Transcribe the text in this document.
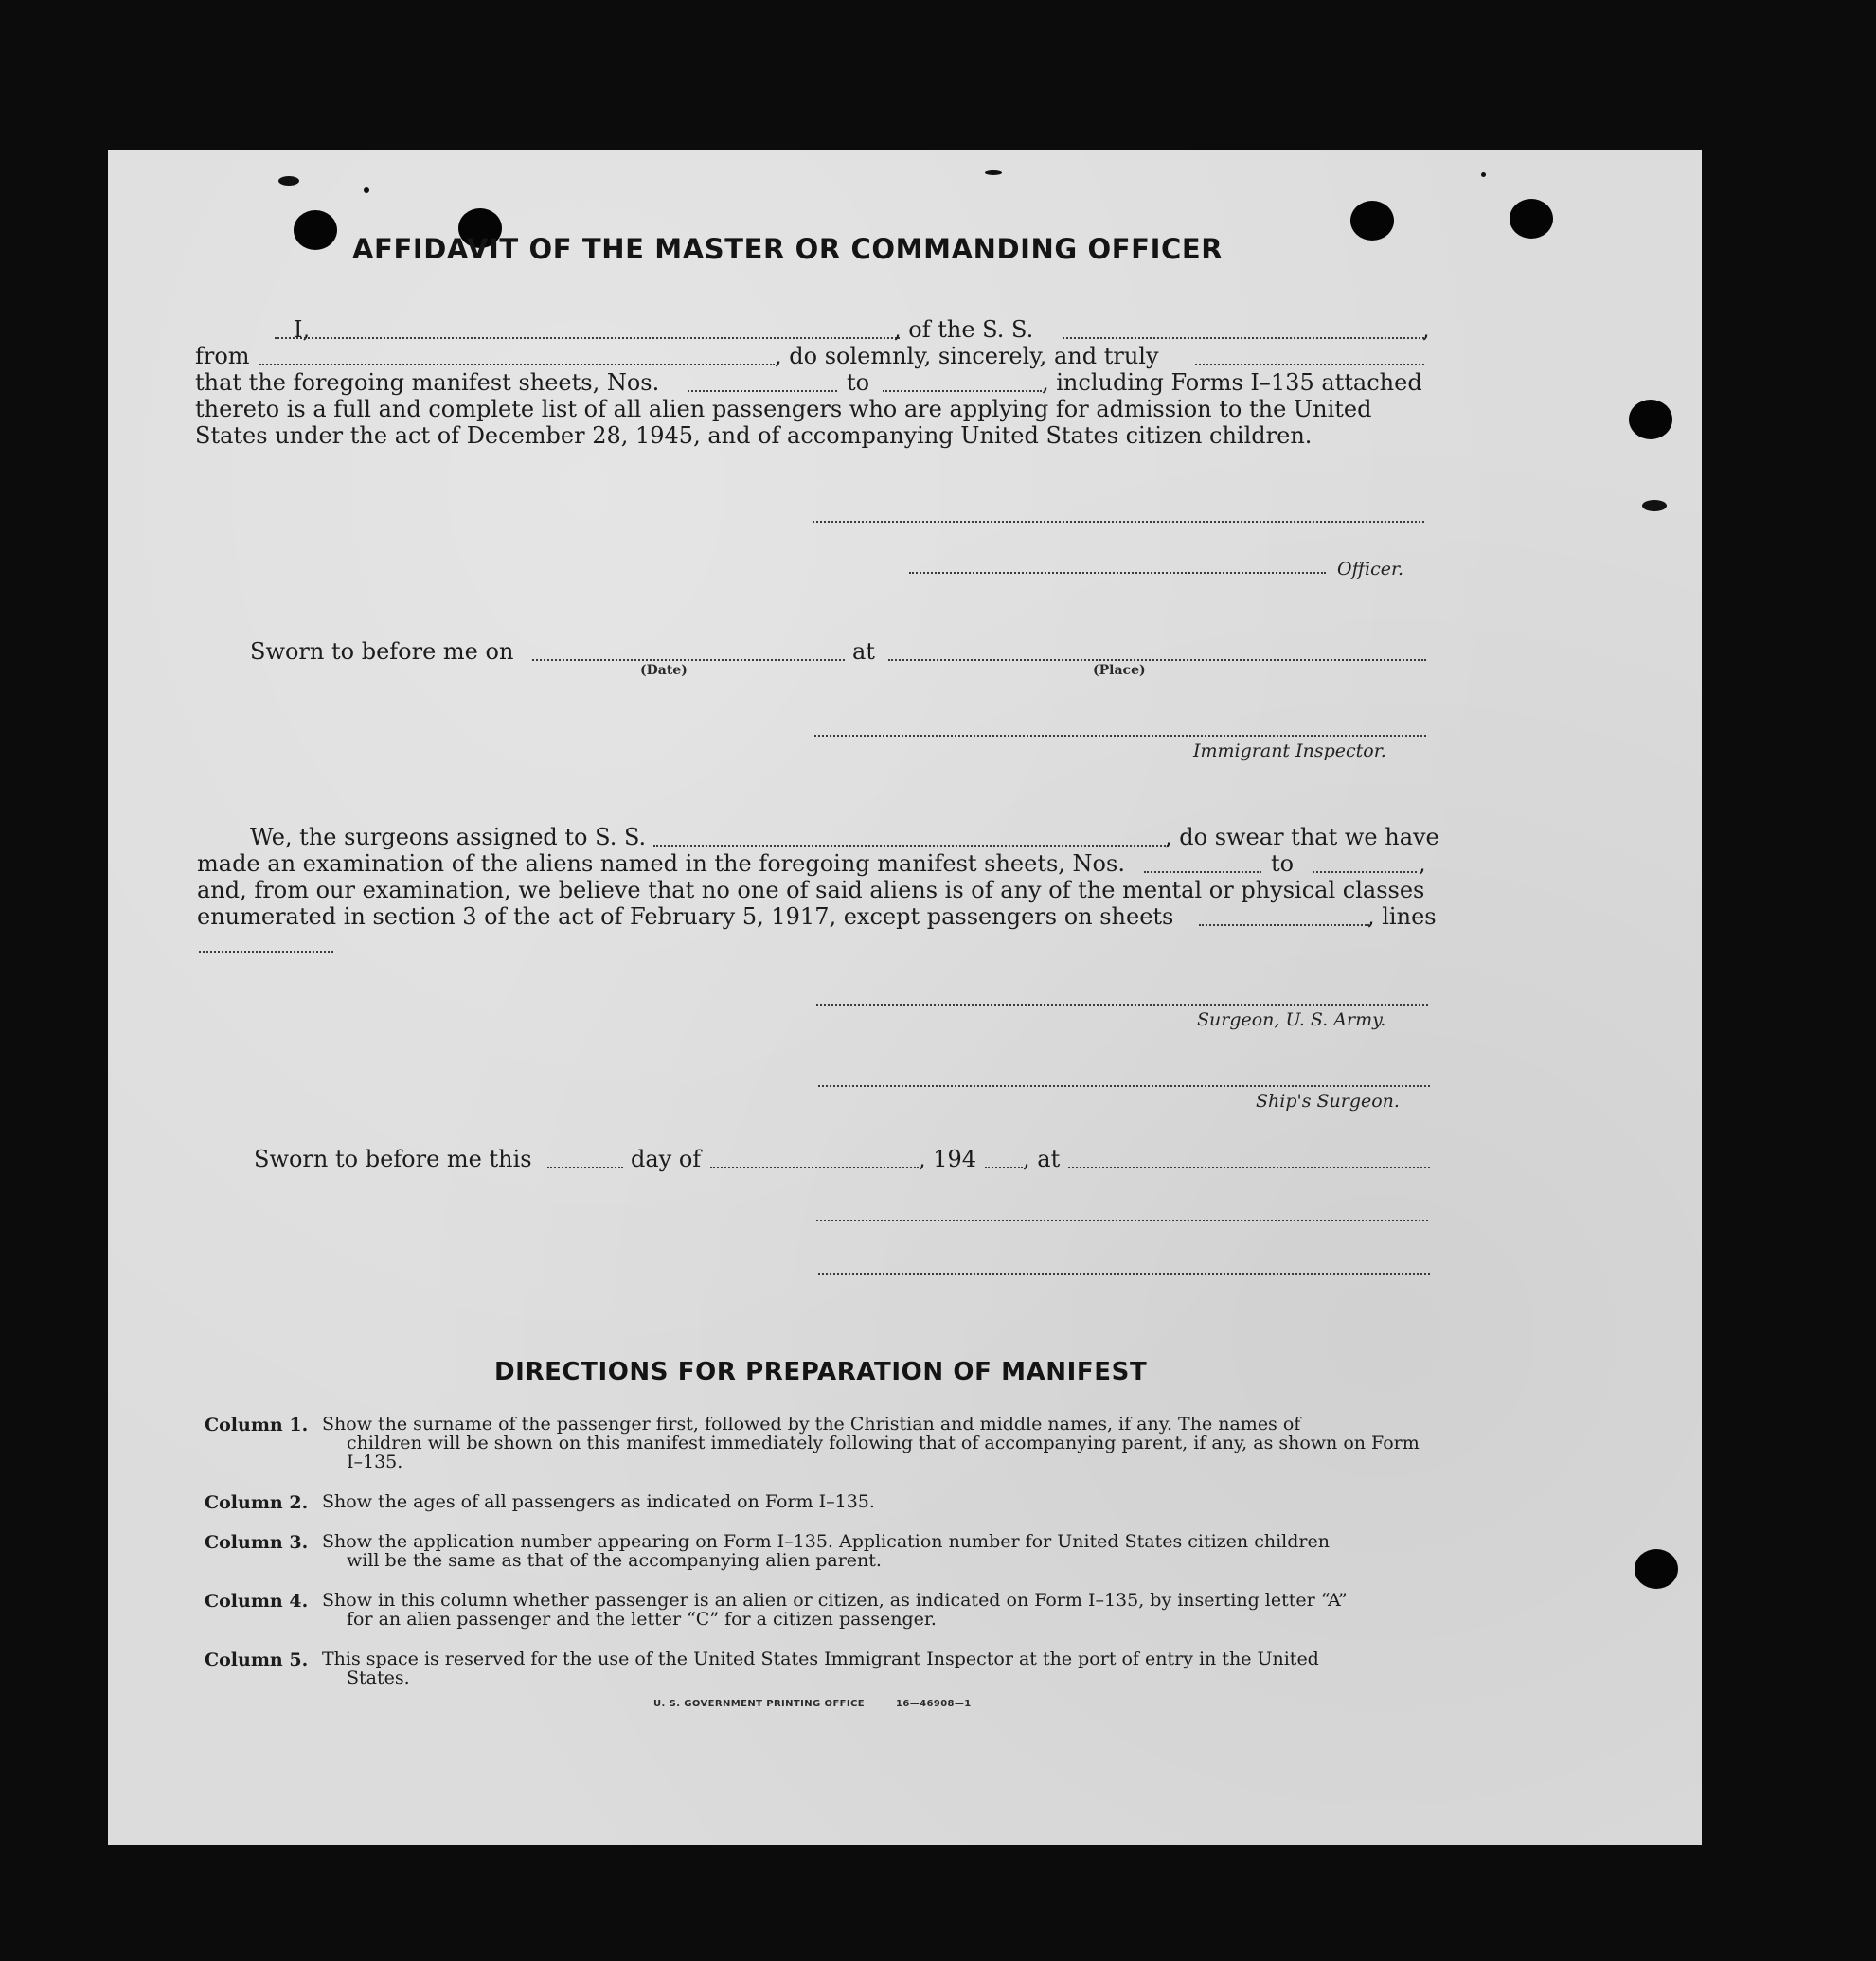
AFFIDAVIT OF THE MASTER OR COMMANDING OFFICER
I,	, of the S. S.	,
from	, do solemnly, sincerely, and truly
that the foregoing manifest sheets, Nos.	to	, including Forms I–135 attached
thereto is a full and complete list of all alien passengers who are applying for admission to the United
States under the act of December 28, 1945, and of accompanying United States citizen children.
Officer.
Sworn to before me on	at
(Date)	(Place)
Immigrant Inspector.
We, the surgeons assigned to S. S.	, do swear that we have
made an examination of the aliens named in the foregoing manifest sheets, Nos.	to	,
and, from our examination, we believe that no one of said aliens is of any of the mental or physical classes
enumerated in section 3 of the act of February 5, 1917, except passengers on sheets	, lines
Surgeon, U. S. Army.
Ship's Surgeon.
Sworn to before me this	day of	, 194 , at
DIRECTIONS FOR PREPARATION OF MANIFEST
Column 1. Show the surname of the passenger first, followed by the Christian and middle names, if any. The names of
children will be shown on this manifest immediately following that of accompanying parent, if any, as shown on Form I–135.
Column 2. Show the ages of all passengers as indicated on Form I–135.
Column 3. Show the application number appearing on Form I–135. Application number for United States citizen children
will be the same as that of the accompanying alien parent.
Column 4. Show in this column whether passenger is an alien or citizen, as indicated on Form I–135, by inserting letter “A”
for an alien passenger and the letter “C” for a citizen passenger.
Column 5. This space is reserved for the use of the United States Immigrant Inspector at the port of entry in the United
States.
U. S. GOVERNMENT PRINTING OFFICE	16—46908—1
